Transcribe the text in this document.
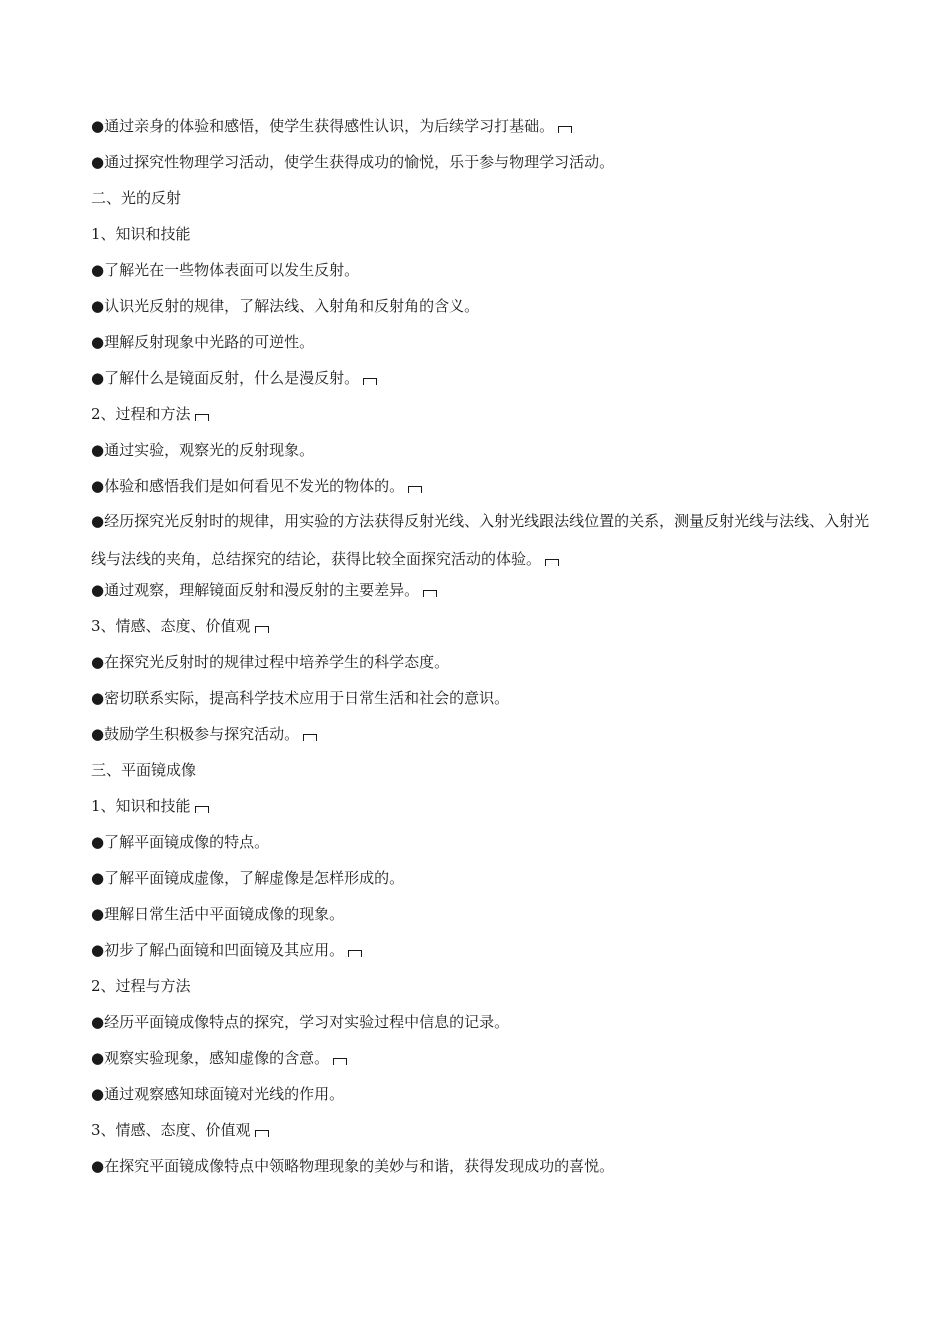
●通过亲身的体验和感悟，使学生获得感性认识，为后续学习打基础。
●通过探究性物理学习活动，使学生获得成功的愉悦，乐于参与物理学习活动。
二、光的反射
1、知识和技能
●了解光在一些物体表面可以发生反射。
●认识光反射的规律，了解法线、入射角和反射角的含义。
●理解反射现象中光路的可逆性。
●了解什么是镜面反射，什么是漫反射。
2、过程和方法
●通过实验，观察光的反射现象。
●体验和感悟我们是如何看见不发光的物体的。
●经历探究光反射时的规律，用实验的方法获得反射光线、入射光线跟法线位置的关系，测量反射光线与法线、入射光线与法线的夹角，总结探究的结论，获得比较全面探究活动的体验。
●通过观察，理解镜面反射和漫反射的主要差异。
3、情感、态度、价值观
●在探究光反射时的规律过程中培养学生的科学态度。
●密切联系实际，提高科学技术应用于日常生活和社会的意识。
●鼓励学生积极参与探究活动。
三、平面镜成像
1、知识和技能
●了解平面镜成像的特点。
●了解平面镜成虚像，了解虚像是怎样形成的。
●理解日常生活中平面镜成像的现象。
●初步了解凸面镜和凹面镜及其应用。
2、过程与方法
●经历平面镜成像特点的探究，学习对实验过程中信息的记录。
●观察实验现象，感知虚像的含意。
●通过观察感知球面镜对光线的作用。
3、情感、态度、价值观
●在探究平面镜成像特点中领略物理现象的美妙与和谐，获得发现成功的喜悦。
